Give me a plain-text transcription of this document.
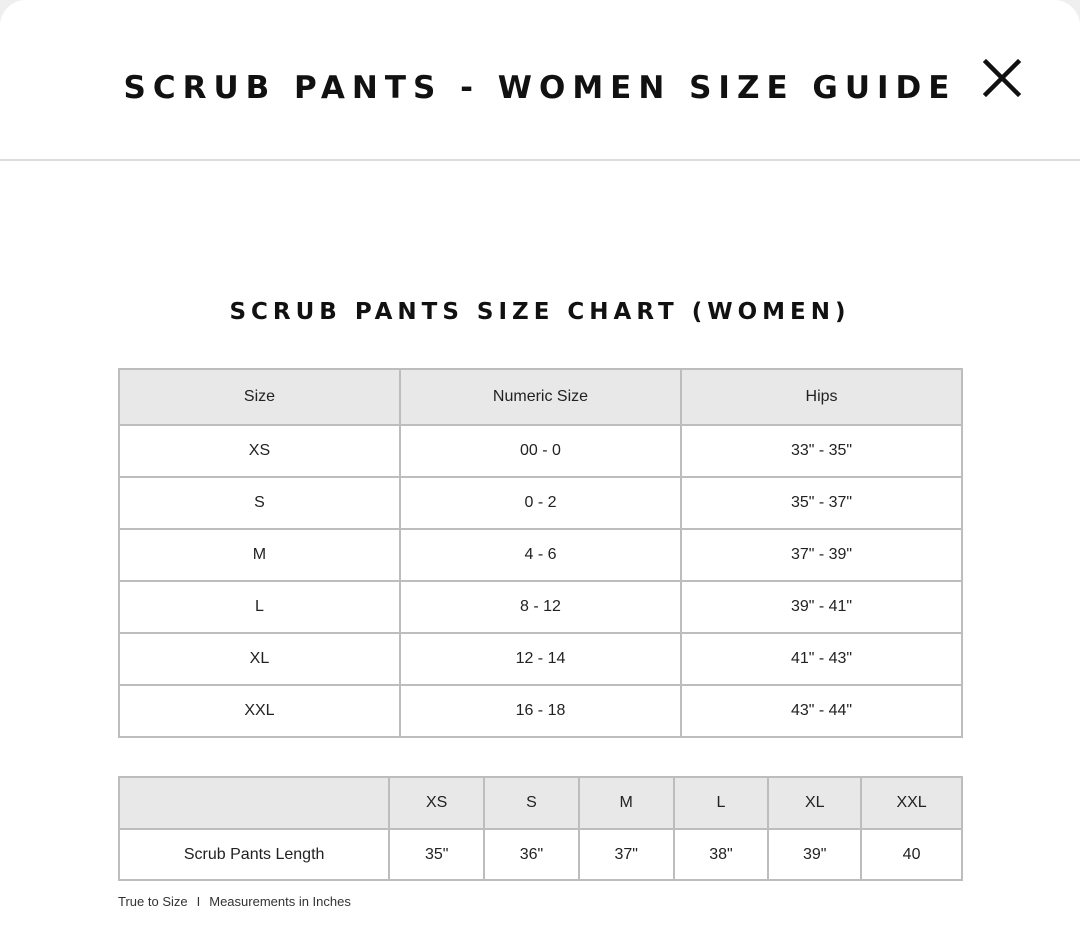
SCRUB PANTS - WOMEN SIZE GUIDE
SCRUB PANTS SIZE CHART (WOMEN)
Size	Numeric Size	Hips
XS	00 - 0	33" - 35"
S	0 - 2	35" - 37"
M	4 - 6	37" - 39"
L	8 - 12	39" - 41"
XL	12 - 14	41" - 43"
XXL	16 - 18	43" - 44"
	XS	S	M	L	XL	XXL
Scrub Pants Length	35"	36"	37"	38"	39"	40
True to Size I Measurements in Inches
